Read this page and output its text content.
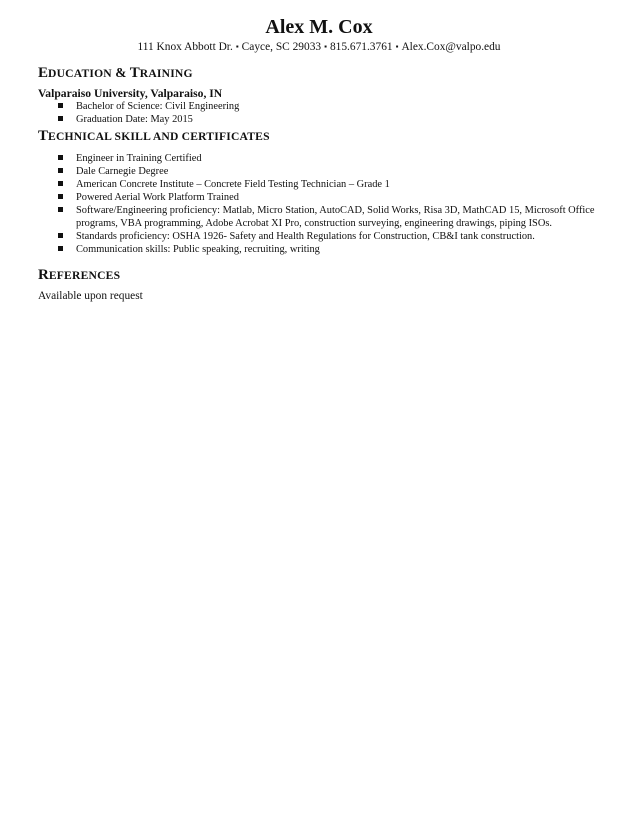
Alex M. Cox
111 Knox Abbott Dr. ▪ Cayce, SC 29033 ▪ 815.671.3761 ▪ Alex.Cox@valpo.edu
EDUCATION & TRAINING
Valparaiso University, Valparaiso, IN
Bachelor of Science: Civil Engineering
Graduation Date: May 2015
TECHNICAL SKILL AND CERTIFICATES
Engineer in Training Certified
Dale Carnegie Degree
American Concrete Institute – Concrete Field Testing Technician – Grade 1
Powered Aerial Work Platform Trained
Software/Engineering proficiency: Matlab, Micro Station, AutoCAD, Solid Works, Risa 3D, MathCAD 15, Microsoft Office programs, VBA programming, Adobe Acrobat XI Pro, construction surveying, engineering drawings, piping ISOs.
Standards proficiency: OSHA 1926- Safety and Health Regulations for Construction, CB&I tank construction.
Communication skills: Public speaking, recruiting, writing
REFERENCES
Available upon request
